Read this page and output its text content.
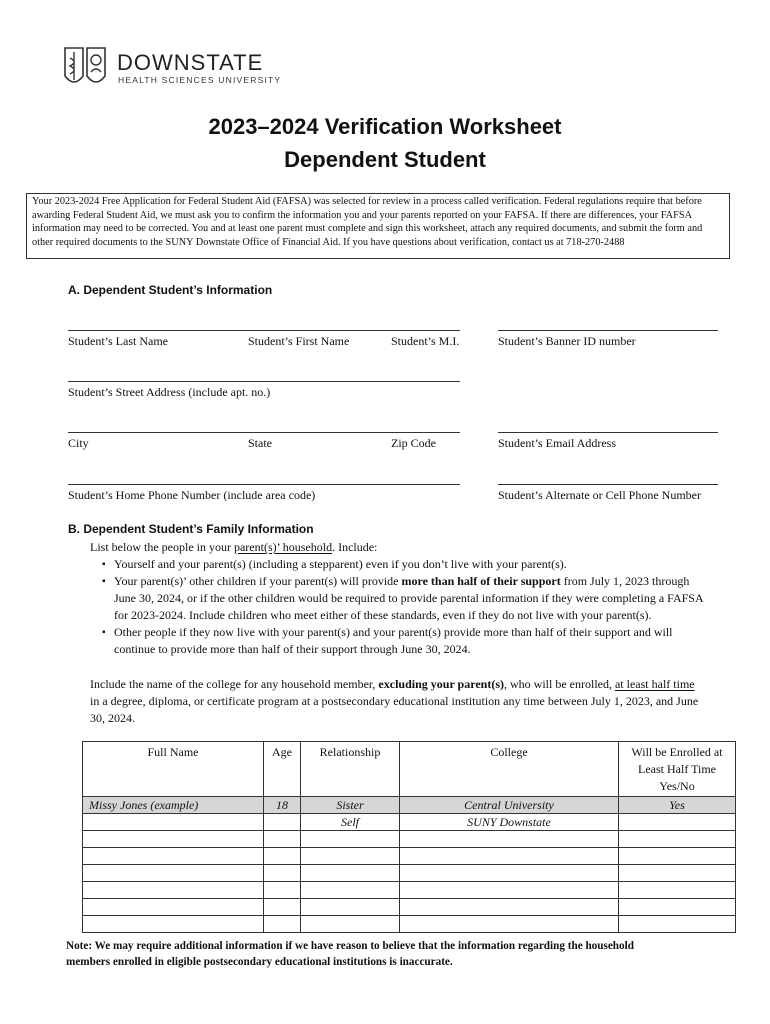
DOWNSTATE
HEALTH SCIENCES UNIVERSITY
2023–2024 Verification Worksheet
Dependent Student
Your 2023-2024 Free Application for Federal Student Aid (FAFSA) was selected for review in a process called verification. Federal regulations require that before awarding Federal Student Aid, we must ask you to confirm the information you and your parents reported on your FAFSA. If there are differences, your FAFSA information may need to be corrected. You and at least one parent must complete and sign this worksheet, attach any required documents, and submit the form and other required documents to the SUNY Downstate Office of Financial Aid. If you have questions about verification, contact us at 718-270-2488
A. Dependent Student’s Information
Student’s Last Name	Student’s First Name	Student’s M.I.	Student’s Banner ID number
Student’s Street Address (include apt. no.)
City	State	Zip Code	Student’s Email Address
Student’s Home Phone Number (include area code)	Student’s Alternate or Cell Phone Number
B. Dependent Student’s Family Information
List below the people in your parent(s)’ household. Include:
▪ Yourself and your parent(s) (including a stepparent) even if you don’t live with your parent(s).
▪ Your parent(s)’ other children if your parent(s) will provide more than half of their support from July 1, 2023 through
June 30, 2024, or if the other children would be required to provide parental information if they were completing a FAFSA
for 2023-2024. Include children who meet either of these standards, even if they do not live with your parent(s).
▪ Other people if they now live with your parent(s) and your parent(s) provide more than half of their support and will
continue to provide more than half of their support through June 30, 2024.
Include the name of the college for any household member, excluding your parent(s), who will be enrolled, at least half time
in a degree, diploma, or certificate program at a postsecondary educational institution any time between July 1, 2023, and June
30, 2024.
Full Name	Age	Relationship	College	Will be Enrolled at
Least Half Time
Yes/No
Missy Jones (example)	18	Sister	Central University	Yes
		Self	SUNY Downstate	

Note: We may require additional information if we have reason to believe that the information regarding the household
members enrolled in eligible postsecondary educational institutions is inaccurate.
